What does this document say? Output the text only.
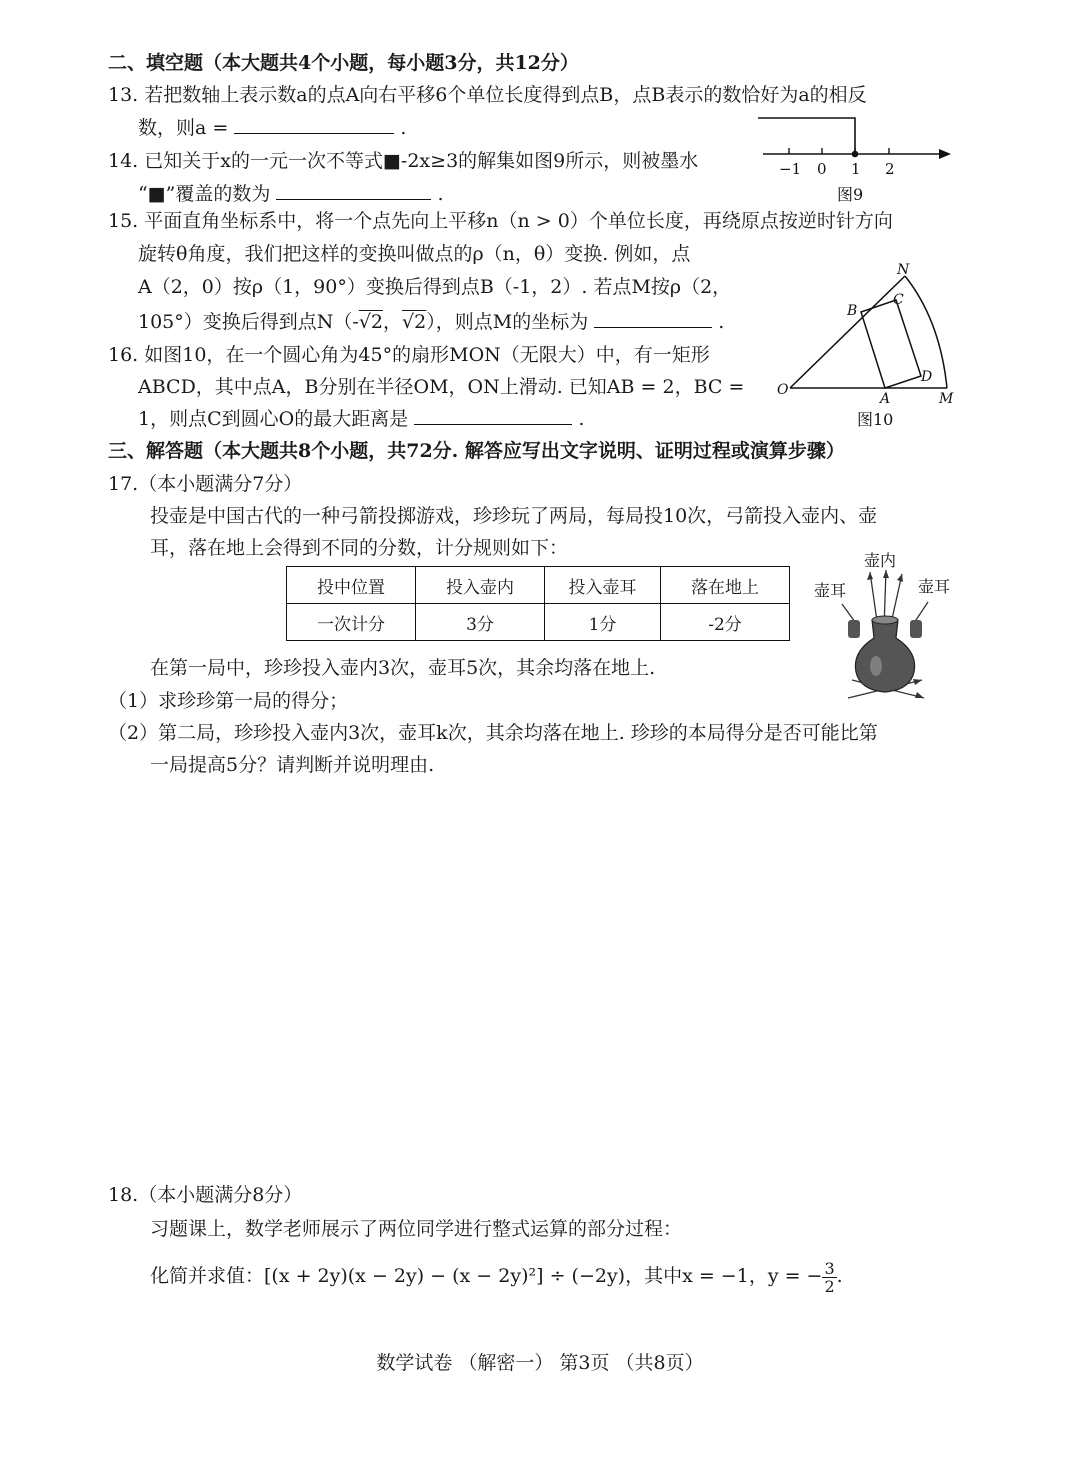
二、填空题（本大题共4个小题，每小题3分，共12分）
13. 若把数轴上表示数a的点A向右平移6个单位长度得到点B，点B表示的数恰好为a的相反
数，则a =	.
14. 已知关于x的一元一次不等式■-2x≥3的解集如图9所示，则被墨水
“■”覆盖的数为	.
−1 0 1 2
图9
15. 平面直角坐标系中，将一个点先向上平移n（n > 0）个单位长度，再绕原点按逆时针方向
旋转θ角度，我们把这样的变换叫做点的ρ（n，θ）变换. 例如，点
A（2，0）按ρ（1，90°）变换后得到点B（-1，2）. 若点M按ρ（2，
105°）变换后得到点N（-√2，√2），则点M的坐标为	.
16. 如图10，在一个圆心角为45°的扇形MON（无限大）中，有一矩形
ABCD，其中点A，B分别在半径OM，ON上滑动. 已知AB = 2，BC =
1，则点C到圆心O的最大距离是	.
N
C
B
D
O
A	M
图10
三、解答题（本大题共8个小题，共72分. 解答应写出文字说明、证明过程或演算步骤）
17.（本小题满分7分）
投壶是中国古代的一种弓箭投掷游戏，珍珍玩了两局，每局投10次，弓箭投入壶内、壶
耳，落在地上会得到不同的分数，计分规则如下：
投中位置	投入壶内	投入壶耳	落在地上
一次计分	3分	1分	-2分
壶内
壶耳	壶耳
在第一局中，珍珍投入壶内3次，壶耳5次，其余均落在地上.
（1）求珍珍第一局的得分；
（2）第二局，珍珍投入壶内3次，壶耳k次，其余均落在地上. 珍珍的本局得分是否可能比第
一局提高5分？请判断并说明理由.
18.（本小题满分8分）
习题课上，数学老师展示了两位同学进行整式运算的部分过程：
化简并求值：[(x + 2y)(x − 2y) − (x − 2y)²] ÷ (−2y)，其中x = −1，y = − $\frac{3}{2}$ .
数学试卷 （解密一） 第3页 （共8页）
